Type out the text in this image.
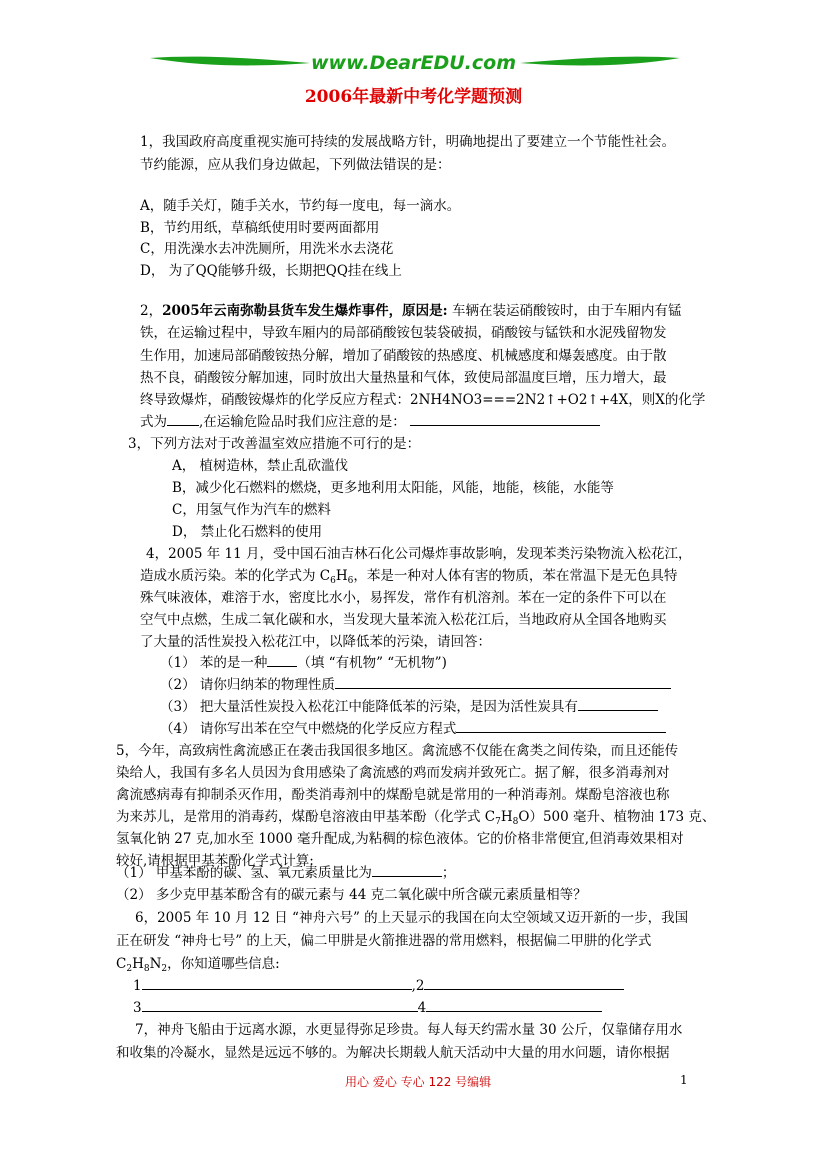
www.DearEDU.com
2006年最新中考化学题预测
1，我国政府高度重视实施可持续的发展战略方针，明确地提出了要建立一个节能性社会。
节约能源，应从我们身边做起，下列做法错误的是：
A，随手关灯，随手关水，节约每一度电，每一滴水。
B，节约用纸，草稿纸使用时要两面都用
C，用洗澡水去冲洗厕所，用洗米水去浇花
D， 为了QQ能够升级，长期把QQ挂在线上
2，2005年云南弥勒县货车发生爆炸事件，原因是: 车辆在装运硝酸铵时，由于车厢内有锰
铁，在运输过程中，导致车厢内的局部硝酸铵包装袋破损，硝酸铵与锰铁和水泥残留物发
生作用，加速局部硝酸铵热分解，增加了硝酸铵的热感度、机械感度和爆轰感度。由于散
热不良，硝酸铵分解加速，同时放出大量热量和气体，致使局部温度巨增，压力增大，最
终导致爆炸，硝酸铵爆炸的化学反应方程式：2NH4NO3===2N2↑+O2↑+4X，则X的化学
式为 ,在运输危险品时我们应注意的是：
3，下列方法对于改善温室效应措施不可行的是：
A， 植树造林，禁止乱砍滥伐
B，减少化石燃料的燃烧，更多地利用太阳能，风能，地能，核能，水能等
C，用氢气作为汽车的燃料
D， 禁止化石燃料的使用
4，2005 年 11 月，受中国石油吉林石化公司爆炸事故影响，发现苯类污染物流入松花江，
造成水质污染。苯的化学式为 $C_6H_6$，苯是一种对人体有害的物质，苯在常温下是无色具特
殊气味液体，难溶于水，密度比水小，易挥发，常作有机溶剂。苯在一定的条件下可以在
空气中点燃，生成二氧化碳和水，当发现大量苯流入松花江后，当地政府从全国各地购买
了大量的活性炭投入松花江中，以降低苯的污染，请回答：
（1） 苯的是一种 （填 “有机物” “无机物”)
（2） 请你归纳苯的物理性质
（3） 把大量活性炭投入松花江中能降低苯的污染，是因为活性炭具有
（4） 请你写出苯在空气中燃烧的化学反应方程式
5，今年，高致病性禽流感正在袭击我国很多地区。禽流感不仅能在禽类之间传染，而且还能传
染给人，我国有多名人员因为食用感染了禽流感的鸡而发病并致死亡。据了解，很多消毒剂对
禽流感病毒有抑制杀灭作用，酚类消毒剂中的煤酚皂就是常用的一种消毒剂。煤酚皂溶液也称
为来苏儿，是常用的消毒药，煤酚皂溶液由甲基苯酚（化学式 $C_7H_8O)500$ 毫升、植物油 173 克、
氢氧化钠 27 克,加水至 1000 毫升配成,为粘稠的棕色液体。它的价格非常便宜,但消毒效果相对
较好,请根据甲基苯酚化学式计算:
（1） 甲基苯酚的碳、氢、氧元素质量比为	；
（2） 多少克甲基苯酚含有的碳元素与 44 克二氧化碳中所含碳元素质量相等？
6，2005 年 10 月 12 日 “神舟六号” 的上天显示的我国在向太空领域又迈开新的一步，我国
正在研发 “神舟七号” 的上天，偏二甲肼是火箭推进器的常用燃料，根据偏二甲肼的化学式
$C_2H_8N_2$，你知道哪些信息:
1	,2
3	4
7，神舟飞船由于远离水源，水更显得弥足珍贵。每人每天约需水量 30 公斤，仅靠储存用水
和收集的冷凝水，显然是远远不够的。为解决长期载人航天活动中大量的用水问题，请你根据
用心 爱心 专心 122 号编辑	1
